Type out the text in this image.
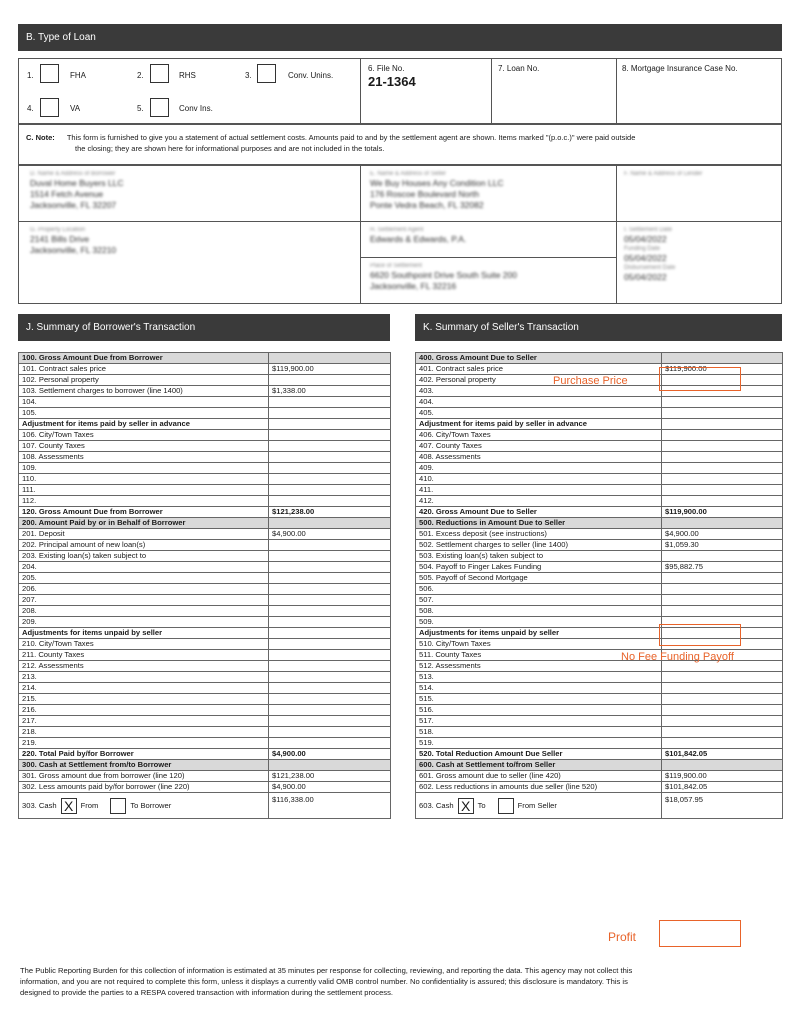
B. Type of Loan
1.	FHA	2.	RHS	3.	Conv. Unins.
4.	VA	5.	Conv Ins.
6. File No.
21-1364
7. Loan No.	8. Mortgage Insurance Case No.
C. Note: This form is furnished to give you a statement of actual settlement costs. Amounts paid to and by the settlement agent are shown. Items marked "(p.o.c.)" were paid outside
the closing; they are shown here for informational purposes and are not included in the totals.
D. Name & Address of Borrower
Duval Home Buyers LLC
1514 Fetch Avenue
Jacksonville, FL 32207
E. Name & Address of Seller
We Buy Houses Any Condition LLC
176 Roscoe Boulevard North
Ponte Vedra Beach, FL 32082
F. Name & Address of Lender
G. Property Location
2141 Bills Drive
Jacksonville, FL 32210
H. Settlement Agent
Edwards & Edwards, P.A.
Place of Settlement
6620 Southpoint Drive South Suite 200
Jacksonville, FL 32216
I. Settlement Date
05/04/2022
Funding Date
05/04/2022
Disbursement Date
05/04/2022
J. Summary of Borrower's Transaction	K. Summary of Seller's Transaction
100. Gross Amount Due from Borrower	
101. Contract sales price	$119,900.00
102. Personal property	
103. Settlement charges to borrower (line 1400)	$1,338.00
104.	
105.	
Adjustment for items paid by seller in advance	
106. City/Town Taxes	
107. County Taxes	
108. Assessments	
109.	
110.	
111.	
112.	
120. Gross Amount Due from Borrower	$121,238.00
200. Amount Paid by or in Behalf of Borrower	
201. Deposit	$4,900.00
202. Principal amount of new loan(s)	
203. Existing loan(s) taken subject to	
204.	
205.	
206.	
207.	
208.	
209.	
Adjustments for items unpaid by seller	
210. City/Town Taxes	
211. County Taxes	
212. Assessments	
213.	
214.	
215.	
216.	
217.	
218.	
219.	
220. Total Paid by/for Borrower	$4,900.00
300. Cash at Settlement from/to Borrower	
301. Gross amount due from borrower (line 120)	$121,238.00
302. Less amounts paid by/for borrower (line 220)	$4,900.00
303. Cash X From To Borrower	$116,338.00
400. Gross Amount Due to Seller	
401. Contract sales price	$119,900.00
402. Personal property	
403.	
404.	
405.	
Adjustment for items paid by seller in advance	
406. City/Town Taxes	
407. County Taxes	
408. Assessments	
409.	
410.	
411.	
412.	
420. Gross Amount Due to Seller	$119,900.00
500. Reductions in Amount Due to Seller	
501. Excess deposit (see instructions)	$4,900.00
502. Settlement charges to seller (line 1400)	$1,059.30
503. Existing loan(s) taken subject to	
504. Payoff to Finger Lakes Funding	$95,882.75
505. Payoff of Second Mortgage	
506.	
507.	
508.	
509.	
Adjustments for items unpaid by seller	
510. City/Town Taxes	
511. County Taxes	
512. Assessments	
513.	
514.	
515.	
516.	
517.	
518.	
519.	
520. Total Reduction Amount Due Seller	$101,842.05
600. Cash at Settlement to/from Seller	
601. Gross amount due to seller (line 420)	$119,900.00
602. Less reductions in amounts due seller (line 520)	$101,842.05
603. Cash X To From Seller	$18,057.95
Purchase Price
No Fee Funding Payoff
Profit
The Public Reporting Burden for this collection of information is estimated at 35 minutes per response for collecting, reviewing, and reporting the data. This agency may not collect this
information, and you are not required to complete this form, unless it displays a currently valid OMB control number. No confidentiality is assured; this disclosure is mandatory. This is
designed to provide the parties to a RESPA covered transaction with information during the settlement process.
